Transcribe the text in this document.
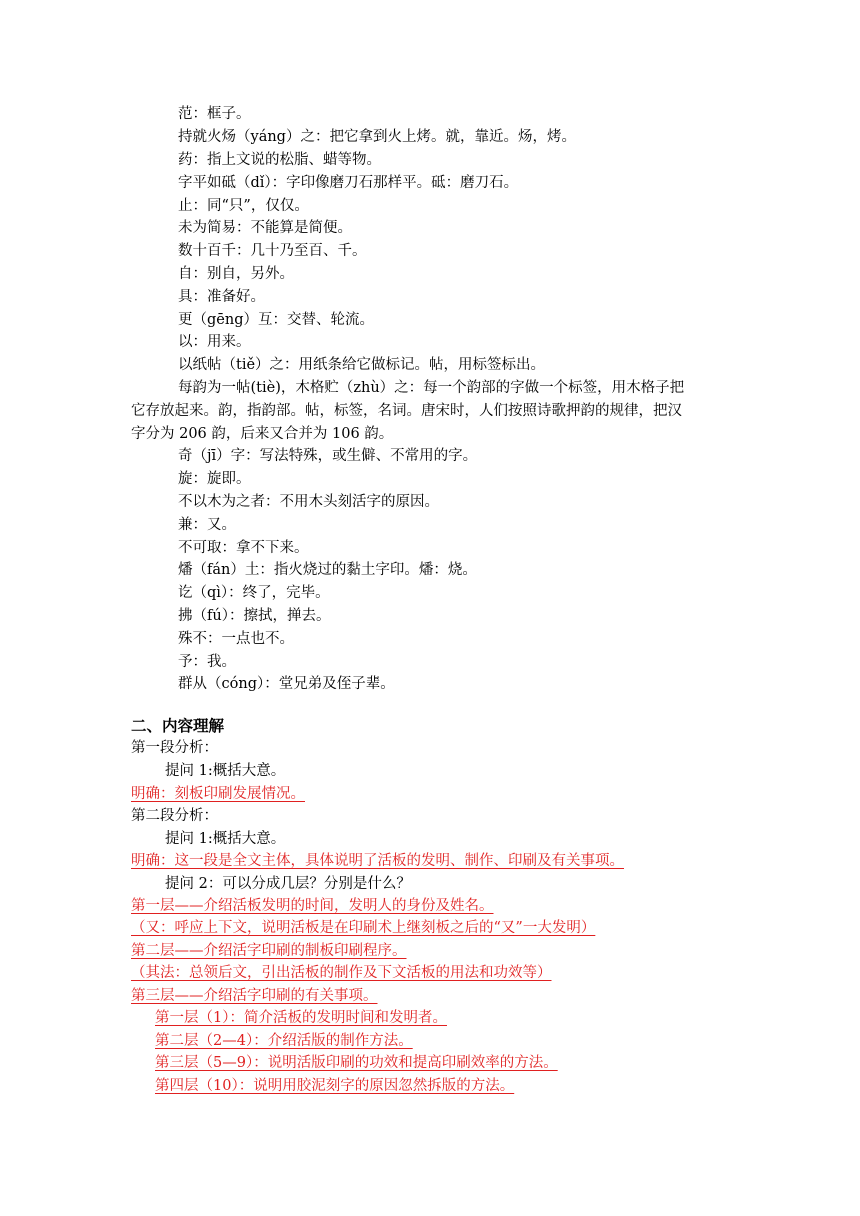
范：框子。
持就火炀（yáng）之：把它拿到火上烤。就，靠近。炀，烤。
药：指上文说的松脂、蜡等物。
字平如砥（dǐ）：字印像磨刀石那样平。砥：磨刀石。
止：同“只”，仅仅。
未为简易：不能算是简便。
数十百千：几十乃至百、千。
自：别自，另外。
具：准备好。
更（gēng）互：交替、轮流。
以：用来。
以纸帖（tiě）之：用纸条给它做标记。帖，用标签标出。
每韵为一帖(tiè)，木格贮（zhù）之：每一个韵部的字做一个标签，用木格子把
它存放起来。韵，指韵部。帖，标签，名词。唐宋时，人们按照诗歌押韵的规律，把汉
字分为 206 韵，后来又合并为 106 韵。
奇（jī）字：写法特殊，或生僻、不常用的字。
旋：旋即。
不以木为之者：不用木头刻活字的原因。
兼：又。
不可取：拿不下来。
燔（fán）土：指火烧过的黏土字印。燔：烧。
讫（qì）：终了，完毕。
拂（fú）：擦拭，掸去。
殊不：一点也不。
予：我。
群从（cóng）：堂兄弟及侄子辈。
二、内容理解
第一段分析：
提问 1:概括大意。
明确：刻板印刷发展情况。
第二段分析：
提问 1:概括大意。
明确：这一段是全文主体，具体说明了活板的发明、制作、印刷及有关事项。
提问 2：可以分成几层？分别是什么？
第一层——介绍活板发明的时间，发明人的身份及姓名。
（又：呼应上下文，说明活板是在印刷术上继刻板之后的“又”一大发明）
第二层——介绍活字印刷的制板印刷程序。
（其法：总领后文，引出活板的制作及下文活板的用法和功效等）
第三层——介绍活字印刷的有关事项。
第一层（1）：简介活板的发明时间和发明者。
第二层（2—4）：介绍活版的制作方法。
第三层（5—9）：说明活版印刷的功效和提高印刷效率的方法。
第四层（10）：说明用胶泥刻字的原因忽然拆版的方法。
